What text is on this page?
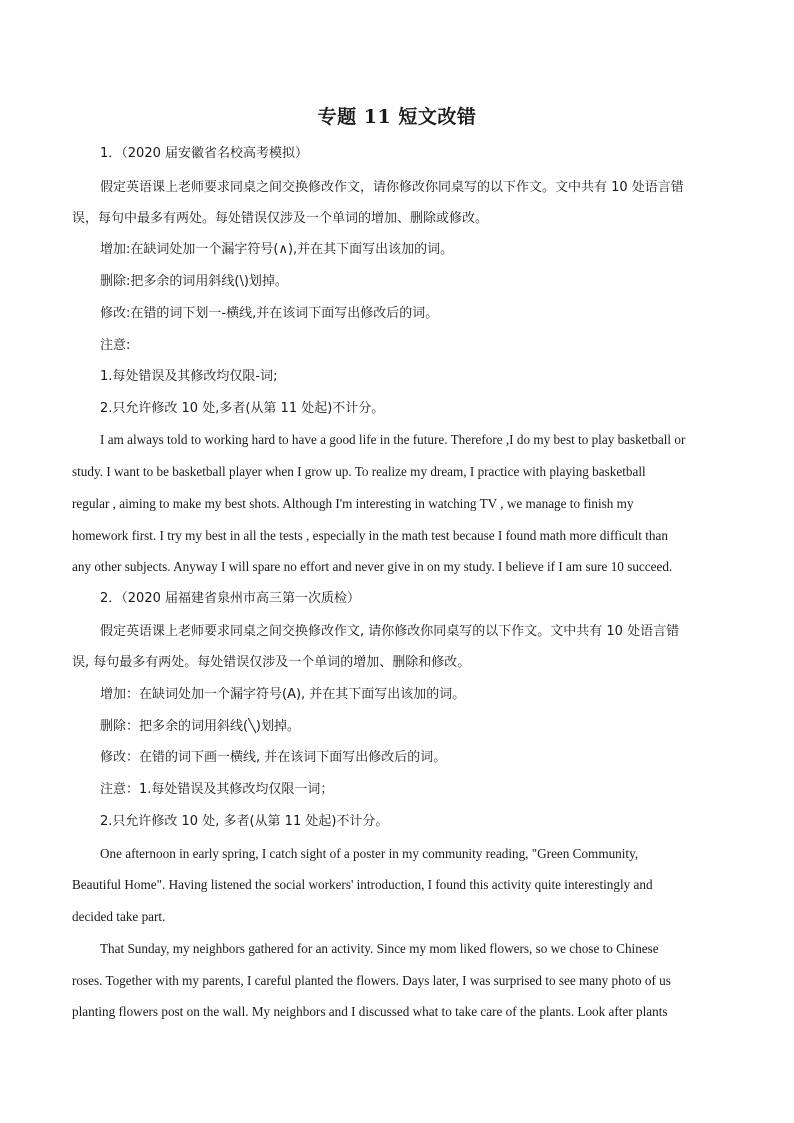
专题 11 短文改错
1．（2020 届安徽省名校高考模拟）
假定英语课上老师要求同桌之间交换修改作文，请你修改你同桌写的以下作文。文中共有 10 处语言错
误，每句中最多有两处。每处错误仅涉及一个单词的增加、删除或修改。
增加:在缺词处加一个漏字符号(∧),并在其下面写出该加的词。
删除:把多余的词用斜线(\)划掉。
修改:在错的词下划一-横线,并在该词下面写出修改后的词。
注意:
1.每处错误及其修改均仅限-词;
2.只允许修改 10 处,多者(从第 11 处起)不计分。
I am always told to working hard to have a good life in the future. Therefore ,I do my best to play basketball or
study. I want to be basketball player when I grow up. To realize my dream, I practice with playing basketball
regular , aiming to make my best shots. Although I'm interesting in watching TV , we manage to finish my
homework first. I try my best in all the tests , especially in the math test because I found math more difficult than
any other subjects. Anyway I will spare no effort and never give in on my study. I believe if I am sure 10 succeed.
2．（2020 届福建省泉州市高三第一次质检）
假定英语课上老师要求同桌之间交换修改作文, 请你修改你同桌写的以下作文。文中共有 10 处语言错
误, 每句最多有两处。每处错误仅涉及一个单词的增加、删除和修改。
增加：在缺词处加一个漏字符号(A), 并在其下面写出该加的词。
删除：把多余的词用斜线(╲)划掉。
修改：在错的词下画一横线, 并在该词下面写出修改后的词。
注意：1.每处错误及其修改均仅限一词；
2.只允许修改 10 处, 多者(从第 11 处起)不计分。
One afternoon in early spring, I catch sight of a poster in my community reading, "Green Community,
Beautiful Home". Having listened the social workers' introduction, I found this activity quite interestingly and
decided take part.
That Sunday, my neighbors gathered for an activity. Since my mom liked flowers, so we chose to Chinese
roses. Together with my parents, I careful planted the flowers. Days later, I was surprised to see many photo of us
planting flowers post on the wall. My neighbors and I discussed what to take care of the plants. Look after plants
